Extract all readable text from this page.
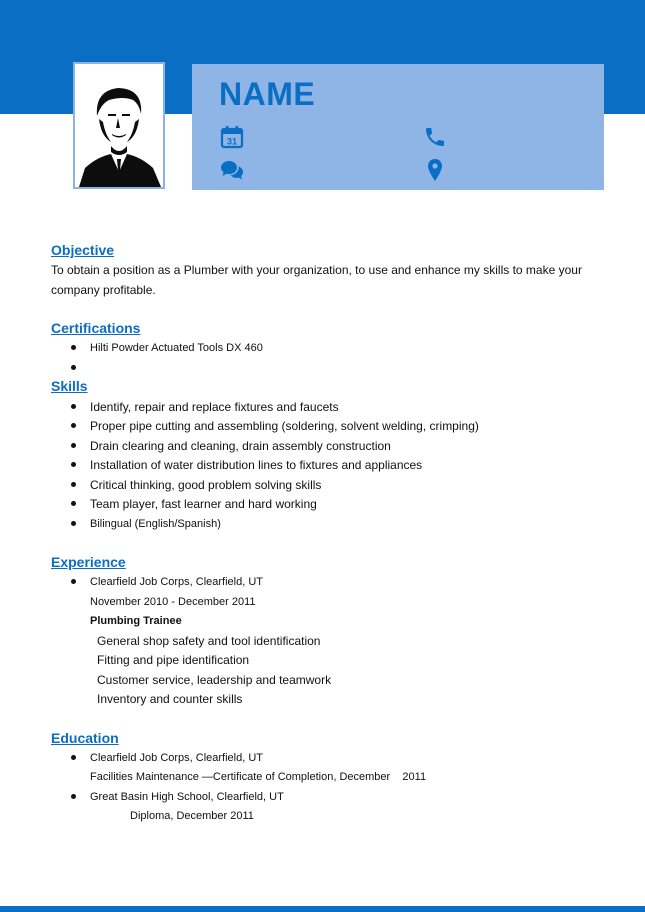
NAME
31
Objective
To obtain a position as a Plumber with your organization, to use and enhance my skills to make your
company profitable.
Certifications
Hilti Powder Actuated Tools DX 460
Skills
Identify, repair and replace fixtures and faucets
Proper pipe cutting and assembling (soldering, solvent welding, crimping)
Drain clearing and cleaning, drain assembly construction
Installation of water distribution lines to fixtures and appliances
Critical thinking, good problem solving skills
Team player, fast learner and hard working
Bilingual (English/Spanish)
Experience
Clearfield Job Corps, Clearfield, UT
November 2010 - December 2011
Plumbing Trainee
General shop safety and tool identification
Fitting and pipe identification
Customer service, leadership and teamwork
Inventory and counter skills
Education
Clearfield Job Corps, Clearfield, UT
Facilities Maintenance —Certificate of Completion, December    2011
Great Basin High School, Clearfield, UT
Diploma, December 2011
